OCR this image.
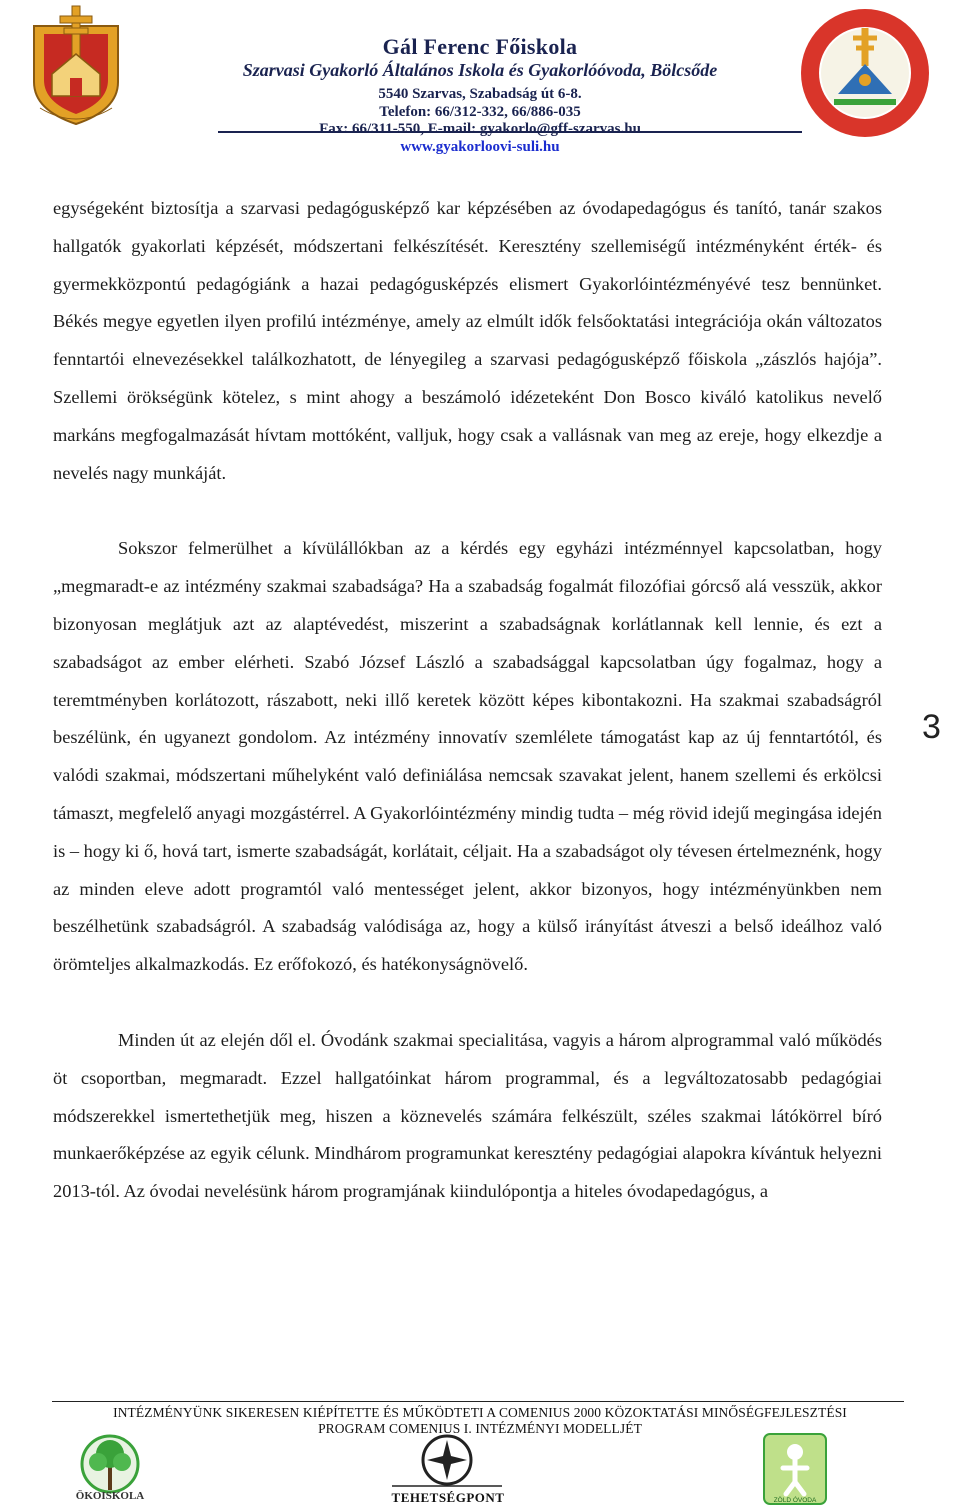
Gál Ferenc Főiskola
Szarvasi Gyakorló Általános Iskola és Gyakorlóóvoda, Bölcsőde
5540 Szarvas, Szabadság út 6-8.
Telefon: 66/312-332, 66/886-035
Fax: 66/311-550, E-mail: gyakorlo@gff-szarvas.hu
www.gyakorloovi-suli.hu

egységeként biztosítja a szarvasi pedagógusképző kar képzésében az óvodapedagógus és tanító, tanár szakos hallgatók gyakorlati képzését, módszertani felkészítését. Keresztény szellemiségű intézményként érték- és gyermekközpontú pedagógiánk a hazai pedagógusképzés elismert Gyakorlóintézményévé tesz bennünket. Békés megye egyetlen ilyen profilú intézménye, amely az elmúlt idők felsőoktatási integrációja okán változatos fenntartói elnevezésekkel találkozhatott, de lényegileg a szarvasi pedagógusképző főiskola „zászlós hajója”. Szellemi örökségünk kötelez, s mint ahogy a beszámoló idézeteként Don Bosco kiváló katolikus nevelő markáns megfogalmazását hívtam mottóként, valljuk, hogy csak a vallásnak van meg az ereje, hogy elkezdje a nevelés nagy munkáját.

Sokszor felmerülhet a kívülállókban az a kérdés egy egyházi intézménnyel kapcsolatban, hogy „megmaradt-e az intézmény szakmai szabadsága? Ha a szabadság fogalmát filozófiai górcső alá vesszük, akkor bizonyosan meglátjuk azt az alaptévedést, miszerint a szabadságnak korlátlannak kell lennie, és ezt a szabadságot az ember elérheti. Szabó József László a szabadsággal kapcsolatban úgy fogalmaz, hogy a teremtményben korlátozott, rászabott, neki illő keretek között képes kibontakozni. Ha szakmai szabadságról beszélünk, én ugyanezt gondolom. Az intézmény innovatív szemlélete támogatást kap az új fenntartótól, és valódi szakmai, módszertani műhelyként való definiálása nemcsak szavakat jelent, hanem szellemi és erkölcsi támaszt, megfelelő anyagi mozgástérrel. A Gyakorlóintézmény mindig tudta – még rövid idejű megingása idején is – hogy ki ő, hová tart, ismerte szabadságát, korlátait, céljait. Ha a szabadságot oly tévesen értelmeznénk, hogy az minden eleve adott programtól való mentességet jelent, akkor bizonyos, hogy intézményünkben nem beszélhetünk szabadságról. A szabadság valódisága az, hogy a külső irányítást átveszi a belső ideálhoz való örömteljes alkalmazkodás. Ez erőfokozó, és hatékonyságnövelő.

Minden út az elején dől el. Óvodánk szakmai specialitása, vagyis a három alprogrammal való működés öt csoportban, megmaradt. Ezzel hallgatóinkat három programmal, és a legváltozatosabb pedagógiai módszerekkel ismertethetjük meg, hiszen a köznevelés számára felkészült, széles szakmai látókörrel bíró munkaerőképzése az egyik célunk. Mindhárom programunkat keresztény pedagógiai alapokra kívántuk helyezni 2013-tól. Az óvodai nevelésünk három programjának kiindulópontja a hiteles óvodapedagógus, a

3
INTÉZMÉNYÜNK SIKERESEN KIÉPÍTETTE ÉS MŰKÖDTETI A COMENIUS 2000 KÖZOKTATÁSI MINŐSÉGFEJLESZTÉSI
PROGRAM COMENIUS I. INTÉZMÉNYI MODELLJÉT
ÖKOISKOLA	TEHETSÉGPONT	ZÖLD ÓVODA
